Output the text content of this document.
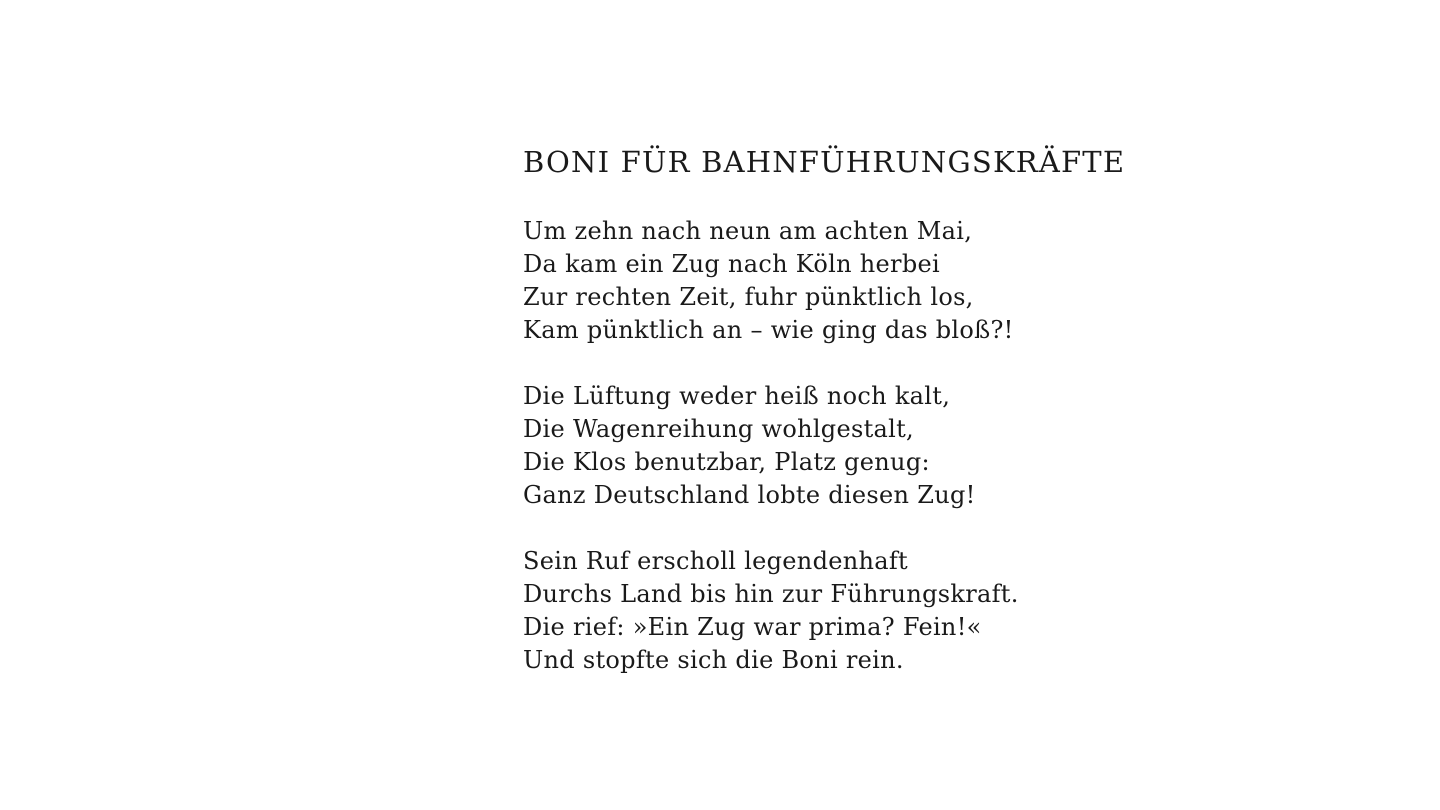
BONI FÜR BAHNFÜHRUNGSKRÄFTE

Um zehn nach neun am achten Mai,
Da kam ein Zug nach Köln herbei
Zur rechten Zeit, fuhr pünktlich los,
Kam pünktlich an – wie ging das bloß?!

Die Lüftung weder heiß noch kalt,
Die Wagenreihung wohlgestalt,
Die Klos benutzbar, Platz genug:
Ganz Deutschland lobte diesen Zug!

Sein Ruf erscholl legendenhaft
Durchs Land bis hin zur Führungskraft.
Die rief: »Ein Zug war prima? Fein!«
Und stopfte sich die Boni rein.
